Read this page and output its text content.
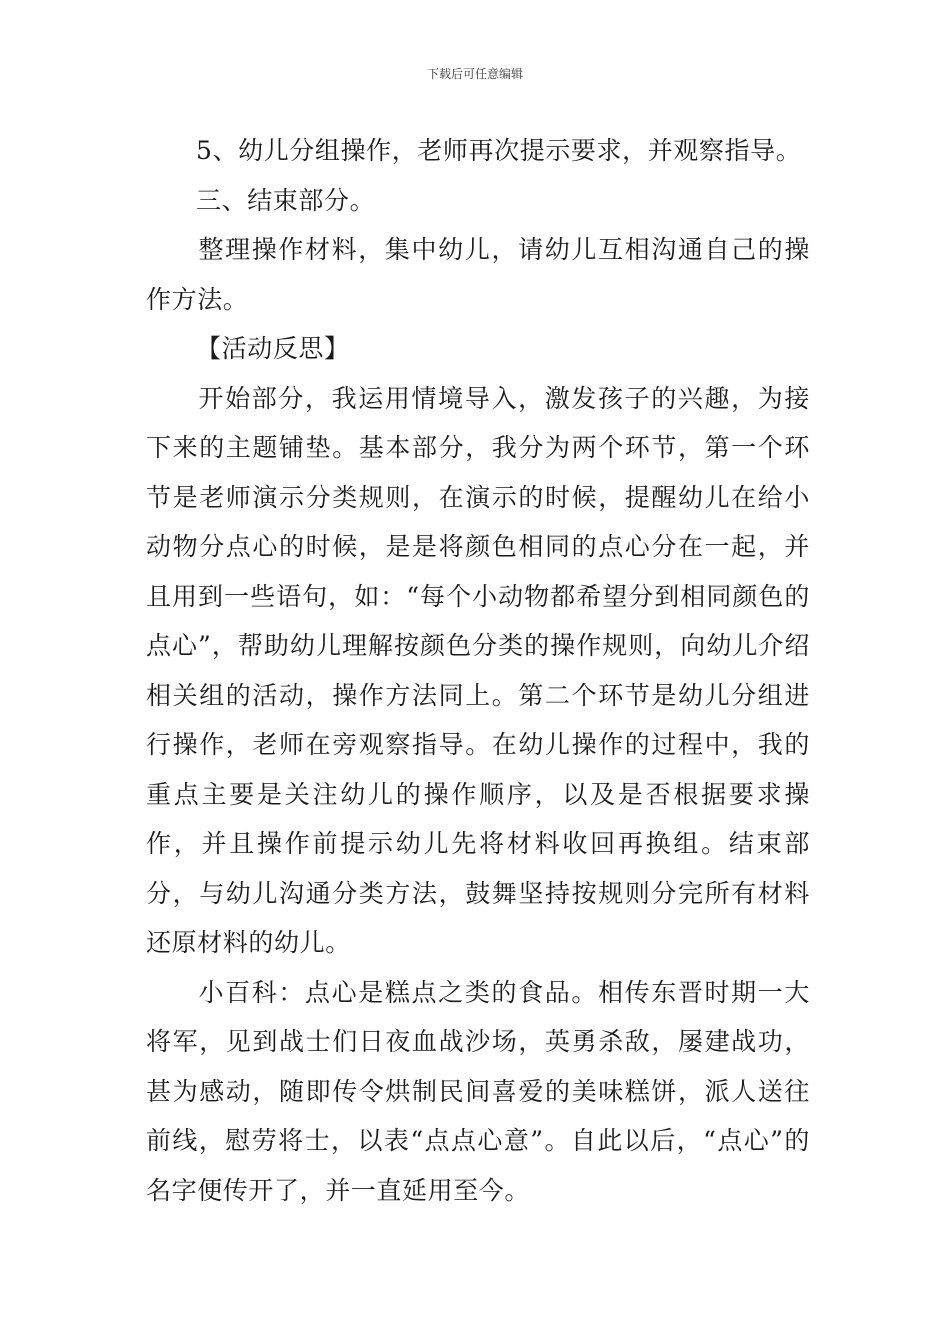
下载后可任意编辑

5、幼儿分组操作，老师再次提示要求，并观察指导。

三、结束部分。

整理操作材料，集中幼儿，请幼儿互相沟通自己的操作方法。

【活动反思】

开始部分，我运用情境导入，激发孩子的兴趣，为接下来的主题铺垫。基本部分，我分为两个环节，第一个环节是老师演示分类规则，在演示的时候，提醒幼儿在给小动物分点心的时候，是是将颜色相同的点心分在一起，并且用到一些语句，如：“每个小动物都希望分到相同颜色的点心”，帮助幼儿理解按颜色分类的操作规则，向幼儿介绍相关组的活动，操作方法同上。第二个环节是幼儿分组进行操作，老师在旁观察指导。在幼儿操作的过程中，我的重点主要是关注幼儿的操作顺序，以及是否根据要求操作，并且操作前提示幼儿先将材料收回再换组。结束部分，与幼儿沟通分类方法，鼓舞坚持按规则分完所有材料还原材料的幼儿。

小百科：点心是糕点之类的食品。相传东晋时期一大将军，见到战士们日夜血战沙场，英勇杀敌，屡建战功，甚为感动，随即传令烘制民间喜爱的美味糕饼，派人送往前线，慰劳将士，以表“点点心意”。自此以后，“点心”的名字便传开了，并一直延用至今。
